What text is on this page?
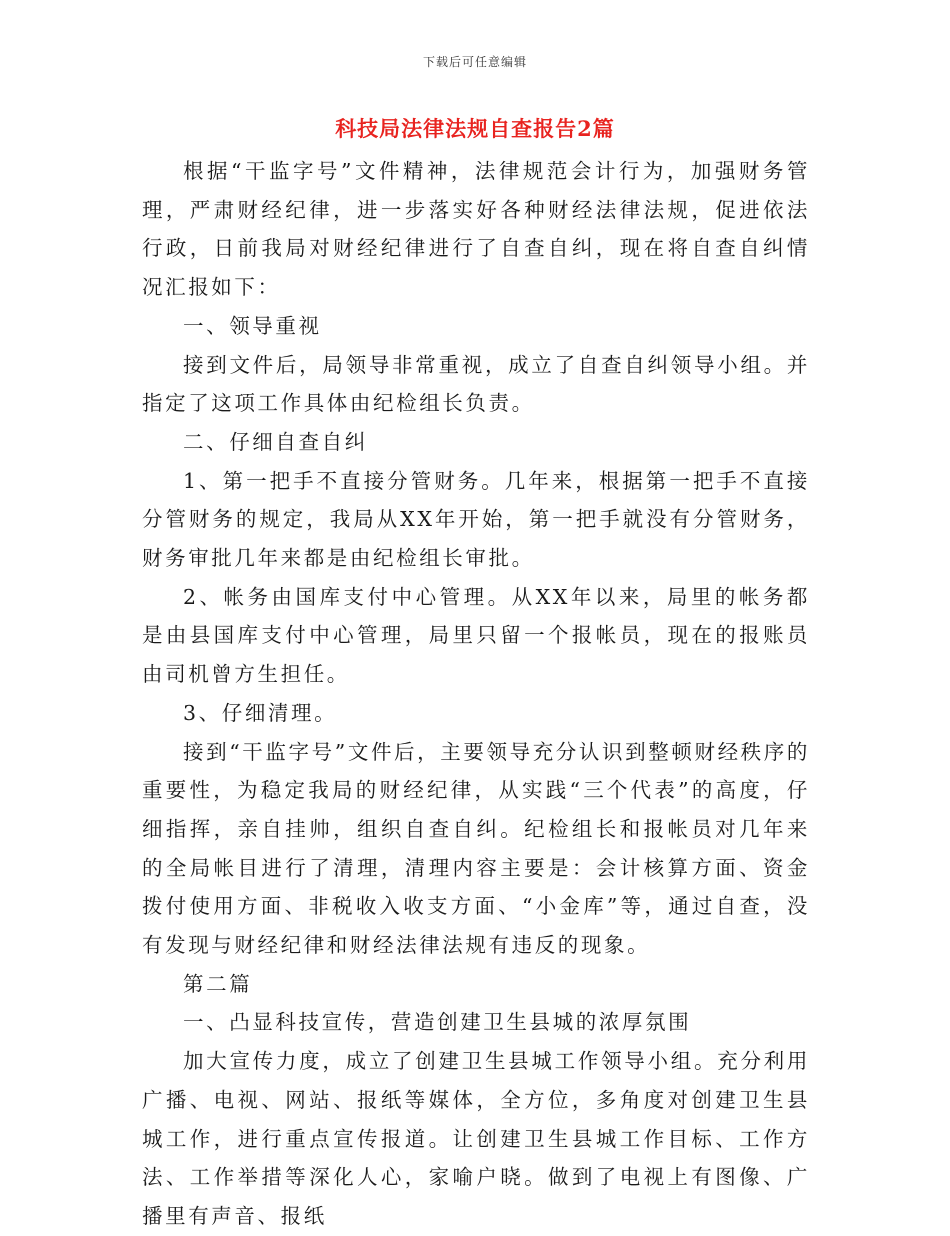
下载后可任意编辑
科技局法律法规自查报告2篇

根据“干监字号”文件精神，法律规范会计行为，加强财务管理，严肃财经纪律，进一步落实好各种财经法律法规，促进依法行政，日前我局对财经纪律进行了自查自纠，现在将自查自纠情况汇报如下：

一、领导重视

接到文件后，局领导非常重视，成立了自查自纠领导小组。并指定了这项工作具体由纪检组长负责。

二、仔细自查自纠

1、第一把手不直接分管财务。几年来，根据第一把手不直接分管财务的规定，我局从XX年开始，第一把手就没有分管财务，财务审批几年来都是由纪检组长审批。

2、帐务由国库支付中心管理。从XX年以来，局里的帐务都是由县国库支付中心管理，局里只留一个报帐员，现在的报账员由司机曾方生担任。

3、仔细清理。

接到“干监字号”文件后，主要领导充分认识到整顿财经秩序的重要性，为稳定我局的财经纪律，从实践“三个代表”的高度，仔细指挥，亲自挂帅，组织自查自纠。纪检组长和报帐员对几年来的全局帐目进行了清理，清理内容主要是：会计核算方面、资金拨付使用方面、非税收入收支方面、“小金库”等，通过自查，没有发现与财经纪律和财经法律法规有违反的现象。

第二篇

一、凸显科技宣传，营造创建卫生县城的浓厚氛围

加大宣传力度，成立了创建卫生县城工作领导小组。充分利用广播、电视、网站、报纸等媒体，全方位，多角度对创建卫生县城工作，进行重点宣传报道。让创建卫生县城工作目标、工作方法、工作举措等深化人心，家喻户晓。做到了电视上有图像、广播里有声音、报纸
